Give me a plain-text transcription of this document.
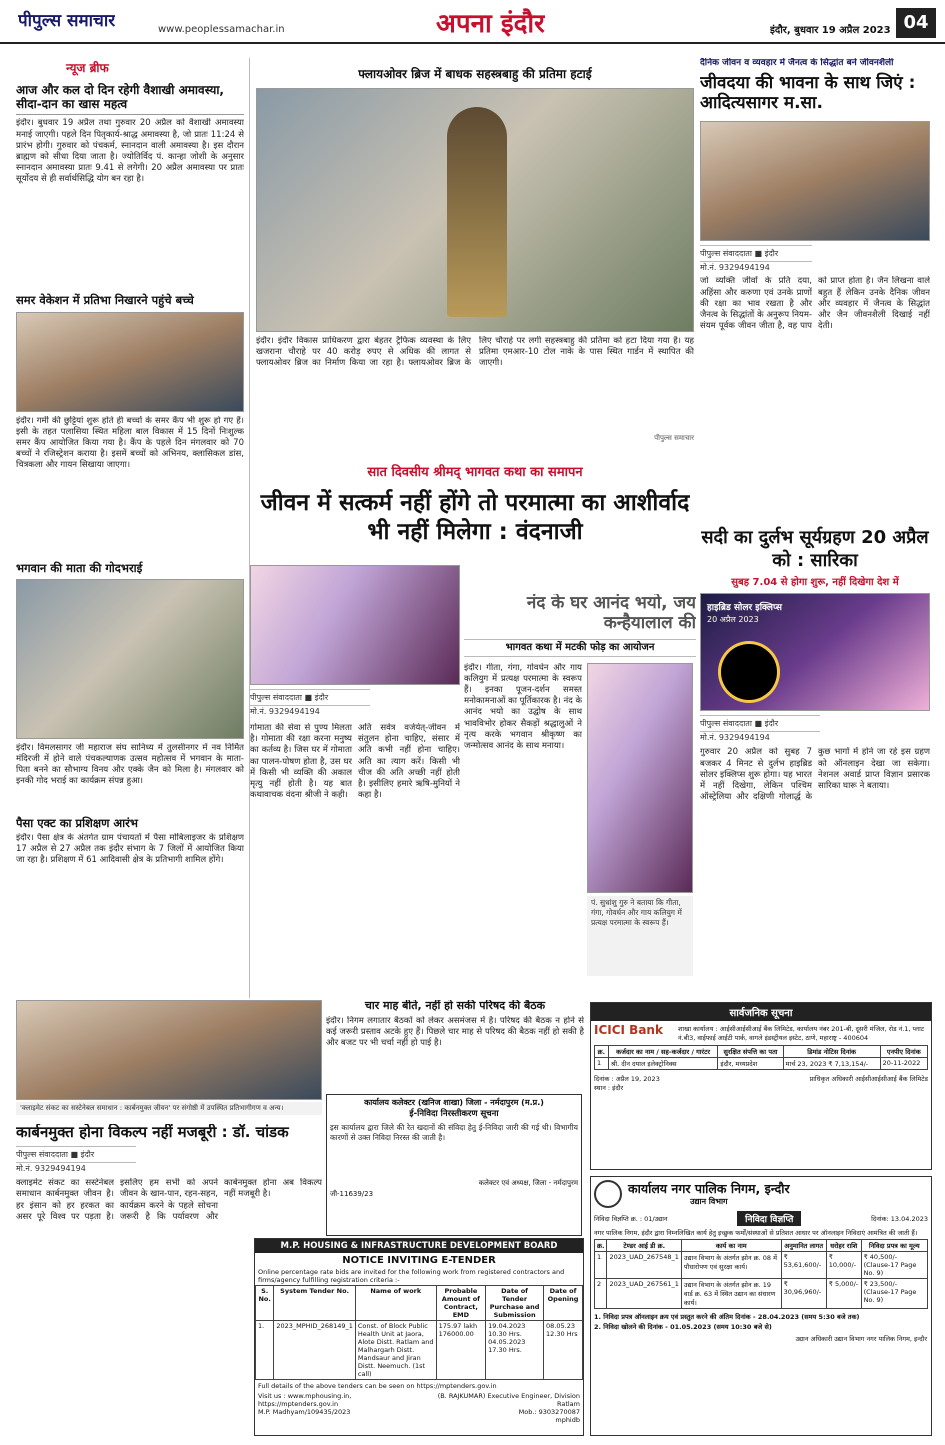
पीपुल्स समाचार	www.peoplessamachar.in	अपना इंदौर	इंदौर, बुधवार 19 अप्रैल 2023 04
न्यूज ब्रीफ
आज और कल दो दिन रहेगी वैशाखी अमावस्या, सीदा-दान का खास महत्व
इंदौर। बुधवार 19 अप्रैल तथा गुरुवार 20 अप्रैल को वैशाखी अमावस्या मनाई जाएगी। पहले दिन पितृकार्य-श्राद्ध अमावस्या है, जो प्रातः 11:24 से प्रारंभ होगी। गुरुवार को पंचकर्म, स्नानदान वाली अमावस्या है। इस दौरान ब्राह्मण को सीधा दिया जाता है। ज्योतिर्विद पं. कान्हा जोशी के अनुसार स्नानदान अमावस्या प्रातः 9.41 से लगेगी। 20 अप्रैल अमावस्या पर प्रातः सूर्योदय से ही सर्वार्थसिद्धि योग बन रहा है।
समर वेकेशन में प्रतिभा निखारने पहुंचे बच्चे
इंदौर। गर्मी की छुट्टियां शुरू होते ही बच्चों के समर कैंप भी शुरू हो गए हैं। इसी के तहत पलासिया स्थित महिला बाल विकास में 15 दिनों निःशुल्क समर कैंप आयोजित किया गया है। कैंप के पहले दिन मंगलवार को 70 बच्चों ने रजिस्ट्रेशन कराया है। इसमें बच्चों को अभिनय, क्लासिकल डांस, चित्रकला और गायन सिखाया जाएगा।
भगवान की माता की गोदभराई
इंदौर। विमलसागर जी महाराज संघ सानिध्य में तुलसीनगर में नव निर्मित मंदिरजी में होने वाले पंचकल्याणक उत्सव महोत्सव में भगवान के माता-पिता बनने का सौभाग्य विनय और एक्के जैन को मिला है। मंगलवार को इनकी गोद भराई का कार्यक्रम संपन्न हुआ।
पैसा एक्ट का प्रशिक्षण आरंभ
इंदौर। पैसा क्षेत्र के अंतर्गत ग्राम पंचायतों में पैसा मोबिलाइजर के प्रशिक्षण 17 अप्रैल से 27 अप्रैल तक इंदौर संभाग के 7 जिलों में आयोजित किया जा रहा है। प्रशिक्षण में 61 आदिवासी क्षेत्र के प्रतिभागी शामिल होंगे।
फ्लायओवर ब्रिज में बाधक सहस्त्रबाहु की प्रतिमा हटाई
इंदौर। इंदौर विकास प्राधिकरण द्वारा बेहतर ट्रैफिक व्यवस्था के लिए खजराना चौराहे पर 40 करोड़ रुपए से अधिक की लागत से फ्लायओवर ब्रिज का निर्माण किया जा रहा है। फ्लायओवर ब्रिज के लिए चौराहे पर लगी सहस्त्रबाहु की प्रतिमा को हटा दिया गया है। यह प्रतिमा एमआर-10 टोल नाके के पास स्थित गार्डन में स्थापित की जाएगी।
पीपुल्स समाचार
दैनिक जीवन व व्यवहार में जैनत्व के सिद्धांत बने जीवनशैली
जीवदया की भावना के साथ जिएं : आदित्यसागर म.सा.
पीपुल्स संवाददाता ■ इंदौर
मो.नं. 9329494194
जो व्यक्ति जीवों के प्रति दया, अहिंसा और करुणा एवं उनके प्राणों की रक्षा का भाव रखता है और जैनत्व के सिद्धांतों के अनुरूप नियम-संयम पूर्वक जीवन जीता है, वह पाप को प्राप्त होता है। जैन लिखना वाले बहुत हैं लेकिन उनके दैनिक जीवन और व्यवहार में जैनत्व के सिद्धांत और जैन जीवनशैली दिखाई नहीं देती।
सात दिवसीय श्रीमद् भागवत कथा का समापन
जीवन में सत्कर्म नहीं होंगे तो परमात्मा का आशीर्वाद भी नहीं मिलेगा : वंदनाजी
पीपुल्स संवाददाता ■ इंदौर
मो.नं. 9329494194
गोमाता की सेवा से पुण्य मिलता है। गोमाता की रक्षा करना मनुष्य का कर्तव्य है। जिस घर में गोमाता का पालन-पोषण होता है, उस घर में किसी भी व्यक्ति की अकाल मृत्यु नहीं होती है। यह बात कथावाचक वंदना श्रीजी ने कही।
अति सर्वत्र वर्जयेत्-जीवन में संतुलन होना चाहिए, संसार में अति कभी नहीं होना चाहिए। अति का त्याग करें। किसी भी चीज की अति अच्छी नहीं होती है। इसीलिए हमारे ऋषि-मुनियों ने कहा है।
नंद के घर आनंद भयो, जय कन्हैयालाल की
भागवत कथा में मटकी फोड़ का आयोजन
इंदौर। गीता, गंगा, गोवर्धन और गाय कलियुग में प्रत्यक्ष परमात्मा के स्वरूप हैं। इनका पूजन-दर्शन समस्त मनोकामनाओं का पूर्तिकारक है। नंद के आनंद भयो का उद्घोष के साथ भावविभोर होकर सैकड़ों श्रद्धालुओं ने नृत्य करके भगवान श्रीकृष्ण का जन्मोत्सव आनंद के साथ मनाया।
पं. सुधांशु गुरु ने बताया कि गीता, गंगा, गोवर्धन और गाय कलियुग में प्रत्यक्ष परमात्मा के स्वरूप हैं।
सदी का दुर्लभ सूर्यग्रहण 20 अप्रैल को : सारिका
सुबह 7.04 से होगा शुरू, नहीं दिखेगा देश में
हाइब्रिड सोलर इक्लिप्स
20 अप्रैल 2023
पीपुल्स संवाददाता ■ इंदौर
मो.नं. 9329494194
गुरुवार 20 अप्रैल को सुबह 7 बजकर 4 मिनट से दुर्लभ हाइब्रिड सोलर इक्लिप्स शुरू होगा। यह भारत में नहीं दिखेगा, लेकिन पश्चिम ऑस्ट्रेलिया और दक्षिणी गोलार्द्ध के कुछ भागों में होने जा रहे इस ग्रहण को ऑनलाइन देखा जा सकेगा। नेशनल अवार्ड प्राप्त विज्ञान प्रसारक सारिका घारू ने बताया।
चार माह बीते, नहीं हो सकी परिषद की बैठक
इंदौर। निगम लगातार बैठकों को लेकर असमंजस में है। परिषद की बैठक न होने से कई जरूरी प्रस्ताव अटके हुए हैं। पिछले चार माह से परिषद की बैठक नहीं हो सकी है और बजट पर भी चर्चा नहीं हो पाई है।
'क्लाइमेट संकट का सस्टेनेबल समाधान : कार्बनमुक्त जीवन' पर संगोष्ठी में उपस्थित प्रतिभागीगण व अन्य।
कार्बनमुक्त होना विकल्प नहीं मजबूरी : डॉ. चांडक
पीपुल्स संवाददाता ■ इंदौर
मो.नं. 9329494194
क्लाइमेट संकट का सस्टेनेबल समाधान कार्बनमुक्त जीवन है। हर इंसान को हर हरकत का असर पूरे विश्व पर पड़ता है। इसलिए हम सभी को अपने जीवन के खान-पान, रहन-सहन, कार्यक्रम करने के पहले सोचना जरूरी है कि पर्यावरण और कार्बनमुक्त होना अब विकल्प नहीं मजबूरी है।
कार्यालय कलेक्टर (खनिज शाखा) जिला - नर्मदापुरम (म.प्र.)
ई-निविदा निरस्तीकरण सूचना
इस कार्यालय द्वारा जिले की रेत खदानों की संविदा हेतु ई-निविदा जारी की गई थी। विभागीय कारणों से उक्त निविदा निरस्त की जाती है।
कलेक्टर एवं अध्यक्ष, जिला - नर्मदापुरम
जी-11639/23
M.P. HOUSING & INFRASTRUCTURE DEVELOPMENT BOARD
NOTICE INVITING E-TENDER
Online percentage rate bids are invited for the following work from registered contractors and firms/agency fulfilling registration criteria :-
S. No.	System Tender No.	Name of work	Probable Amount of Contract, EMD	Date of Tender Purchase and Submission	Date of Opening
1.	2023_MPHID_268149_1	Const. of Block Public Health Unit at Jaora, Alote Distt. Ratlam and Malhargarh Distt. Mandsaur and Jiran Distt. Neemuch. (1st call)	175.97 lakh 176000.00	19.04.2023 10.30 Hrs. 04.05.2023 17.30 Hrs.	08.05.23 12.30 Hrs
Full details of the above tenders can be seen on https://mptenders.gov.in
Visit us : www.mphousing.in, https://mptenders.gov.in
M.P. Madhyam/109435/2023
(B. RAJKUMAR) Executive Engineer, Division Ratlam
Mob.: 9303270087
mphidb
सार्वजनिक सूचना
ICICI Bank	शाखा कार्यालय : आईसीआईसीआई बैंक लिमिटेड, कार्यालय नंबर 201-बी, दूसरी मंजिल, रोड नं.1, प्लाट नं.बी3, वाईफाई आईटी पार्क, वागले इंडस्ट्रीयल इस्टेट, ठाणे, महाराष्ट्र - 400604
क्र.	कर्जदार का नाम / सह-कर्जदार / गारंटर	सुरक्षित संपत्ति का पता	डिमांड नोटिस दिनांक	एनपीए दिनांक
1	श्री. दीन दयाल इलेक्ट्रोनिक्स	इंदौर, मध्यप्रदेश	मार्च 23, 2023 ₹ 7,13,154/-	20-11-2022
दिनांक : अप्रैल 19, 2023
स्थान : इंदौर
प्राधिकृत अधिकारी आईसीआईसीआई बैंक लिमिटेड
कार्यालय नगर पालिक निगम, इन्दौर
उद्यान विभाग
निविदा विज्ञप्ति क्र. : 01/उद्यान	निविदा विज्ञप्ति	दिनांक: 13.04.2023
नगर पालिक निगम, इंदौर द्वारा निम्नलिखित कार्य हेतु इच्छुक फर्मों/संस्थाओं से प्रतिशत आधार पर ऑनलाइन निविदाएं आमंत्रित की जाती हैं।
क्र.	टेण्डर आई डी क्र.	कार्य का नाम	अनुमानित लागत	धरोहर राशि	निविदा प्रपत्र का मूल्य
1	2023_UAD_267548_1	उद्यान विभाग के अंतर्गत झोन क्र. 08 में पौधारोपण एवं सुरक्षा कार्य।	₹ 53,61,600/-	₹ 10,000/-	₹ 40,500/- (Clause-17 Page No. 9)
2	2023_UAD_267561_1	उद्यान विभाग के अंतर्गत झोन क्र. 19 वार्ड क्र. 63 में स्थित उद्यान का संधारण कार्य।	₹ 30,96,960/-	₹ 5,000/-	₹ 23,500/- (Clause-17 Page No. 9)
1. निविदा प्रपत्र ऑनलाइन क्रय एवं प्रस्तुत करने की अंतिम दिनांक - 28.04.2023 (समय 5:30 बजे तक)
2. निविदा खोलने की दिनांक - 01.05.2023 (समय 10:30 बजे से)
उद्यान अधिकारी उद्यान विभाग नगर पालिक निगम, इन्दौर
